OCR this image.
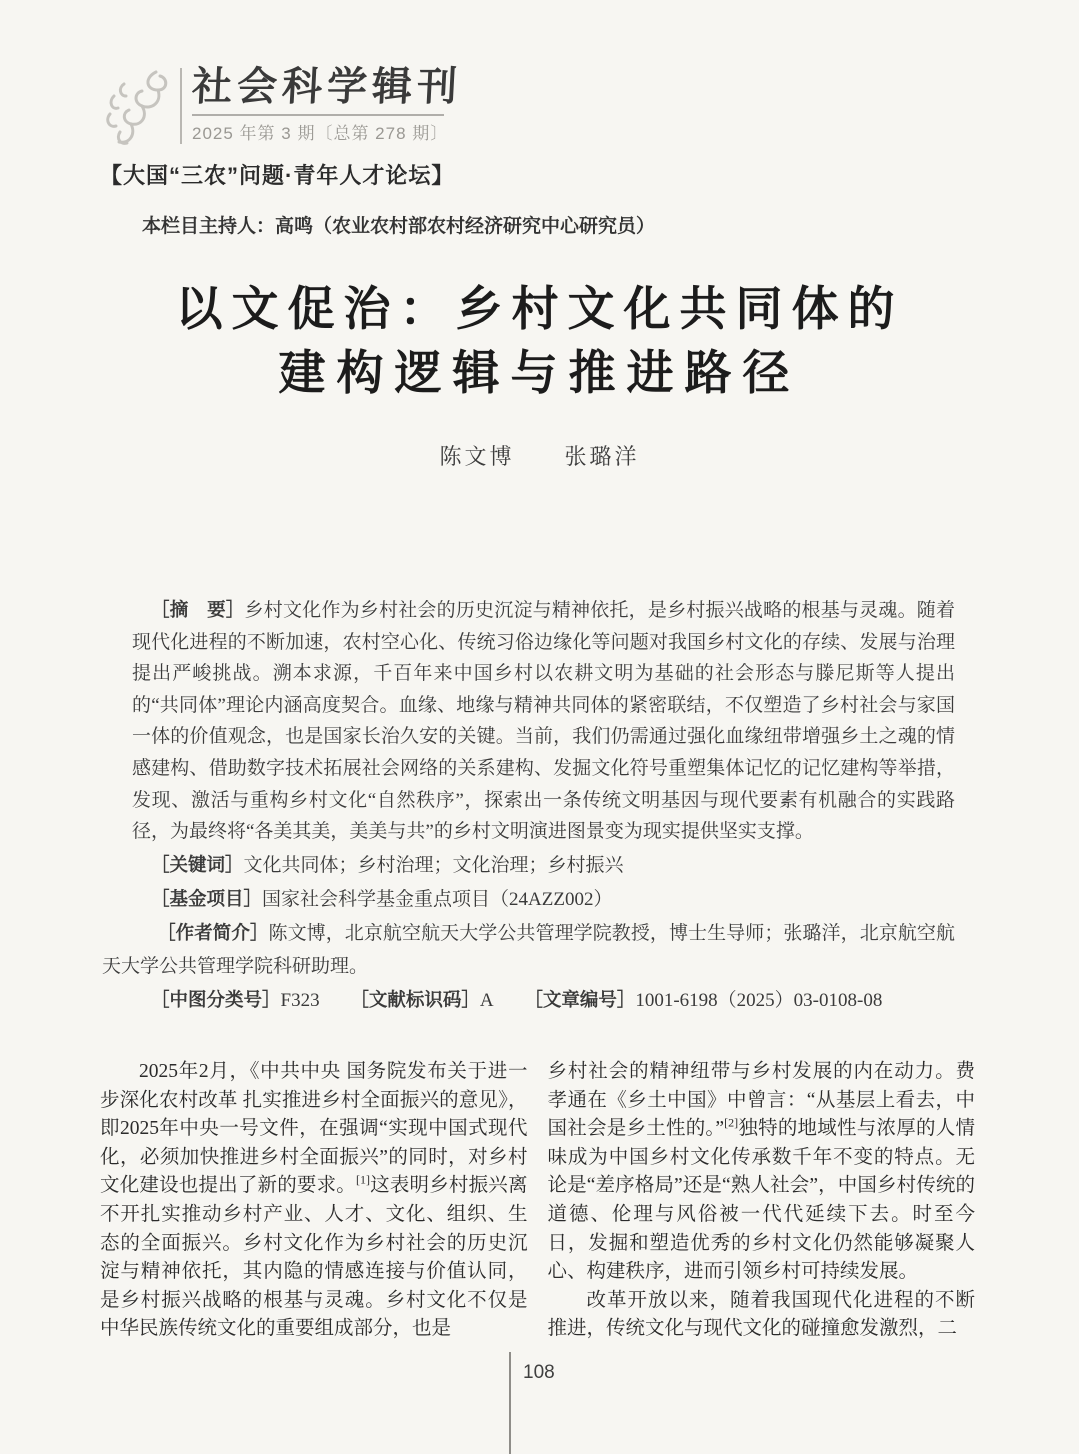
社会科学辑刊
2025 年第 3 期〔总第 278 期〕
【大国“三农”问题·青年人才论坛】
本栏目主持人：高鸣（农业农村部农村经济研究中心研究员）
以文促治：乡村文化共同体的
建构逻辑与推进路径
陈文博　　张璐洋

［摘　要］乡村文化作为乡村社会的历史沉淀与精神依托，是乡村振兴战略的根基与灵魂。随着现代化进程的不断加速，农村空心化、传统习俗边缘化等问题对我国乡村文化的存续、发展与治理提出严峻挑战。溯本求源，千百年来中国乡村以农耕文明为基础的社会形态与滕尼斯等人提出的“共同体”理论内涵高度契合。血缘、地缘与精神共同体的紧密联结，不仅塑造了乡村社会与家国一体的价值观念，也是国家长治久安的关键。当前，我们仍需通过强化血缘纽带增强乡土之魂的情感建构、借助数字技术拓展社会网络的关系建构、发掘文化符号重塑集体记忆的记忆建构等举措，发现、激活与重构乡村文化“自然秩序”，探索出一条传统文明基因与现代要素有机融合的实践路径，为最终将“各美其美，美美与共”的乡村文明演进图景变为现实提供坚实支撑。

［关键词］文化共同体；乡村治理；文化治理；乡村振兴

［基金项目］国家社会科学基金重点项目（24AZZ002）

［作者简介］陈文博，北京航空航天大学公共管理学院教授，博士生导师；张璐洋，北京航空航天大学公共管理学院科研助理。

［中图分类号］F323 ［文献标识码］A ［文章编号］1001-6198（2025）03-0108-08

2025年2月，《中共中央 国务院发布关于进一步深化农村改革 扎实推进乡村全面振兴的意见》，即2025年中央一号文件，在强调“实现中国式现代化，必须加快推进乡村全面振兴”的同时，对乡村文化建设也提出了新的要求。[1]这表明乡村振兴离不开扎实推动乡村产业、人才、文化、组织、生态的全面振兴。乡村文化作为乡村社会的历史沉淀与精神依托，其内隐的情感连接与价值认同，是乡村振兴战略的根基与灵魂。乡村文化不仅是中华民族传统文化的重要组成部分，也是

乡村社会的精神纽带与乡村发展的内在动力。费孝通在《乡土中国》中曾言：“从基层上看去，中国社会是乡土性的。”[2]独特的地域性与浓厚的人情味成为中国乡村文化传承数千年不变的特点。无论是“差序格局”还是“熟人社会”，中国乡村传统的道德、伦理与风俗被一代代延续下去。时至今日，发掘和塑造优秀的乡村文化仍然能够凝聚人心、构建秩序，进而引领乡村可持续发展。

改革开放以来，随着我国现代化进程的不断推进，传统文化与现代文化的碰撞愈发激烈，二

108
